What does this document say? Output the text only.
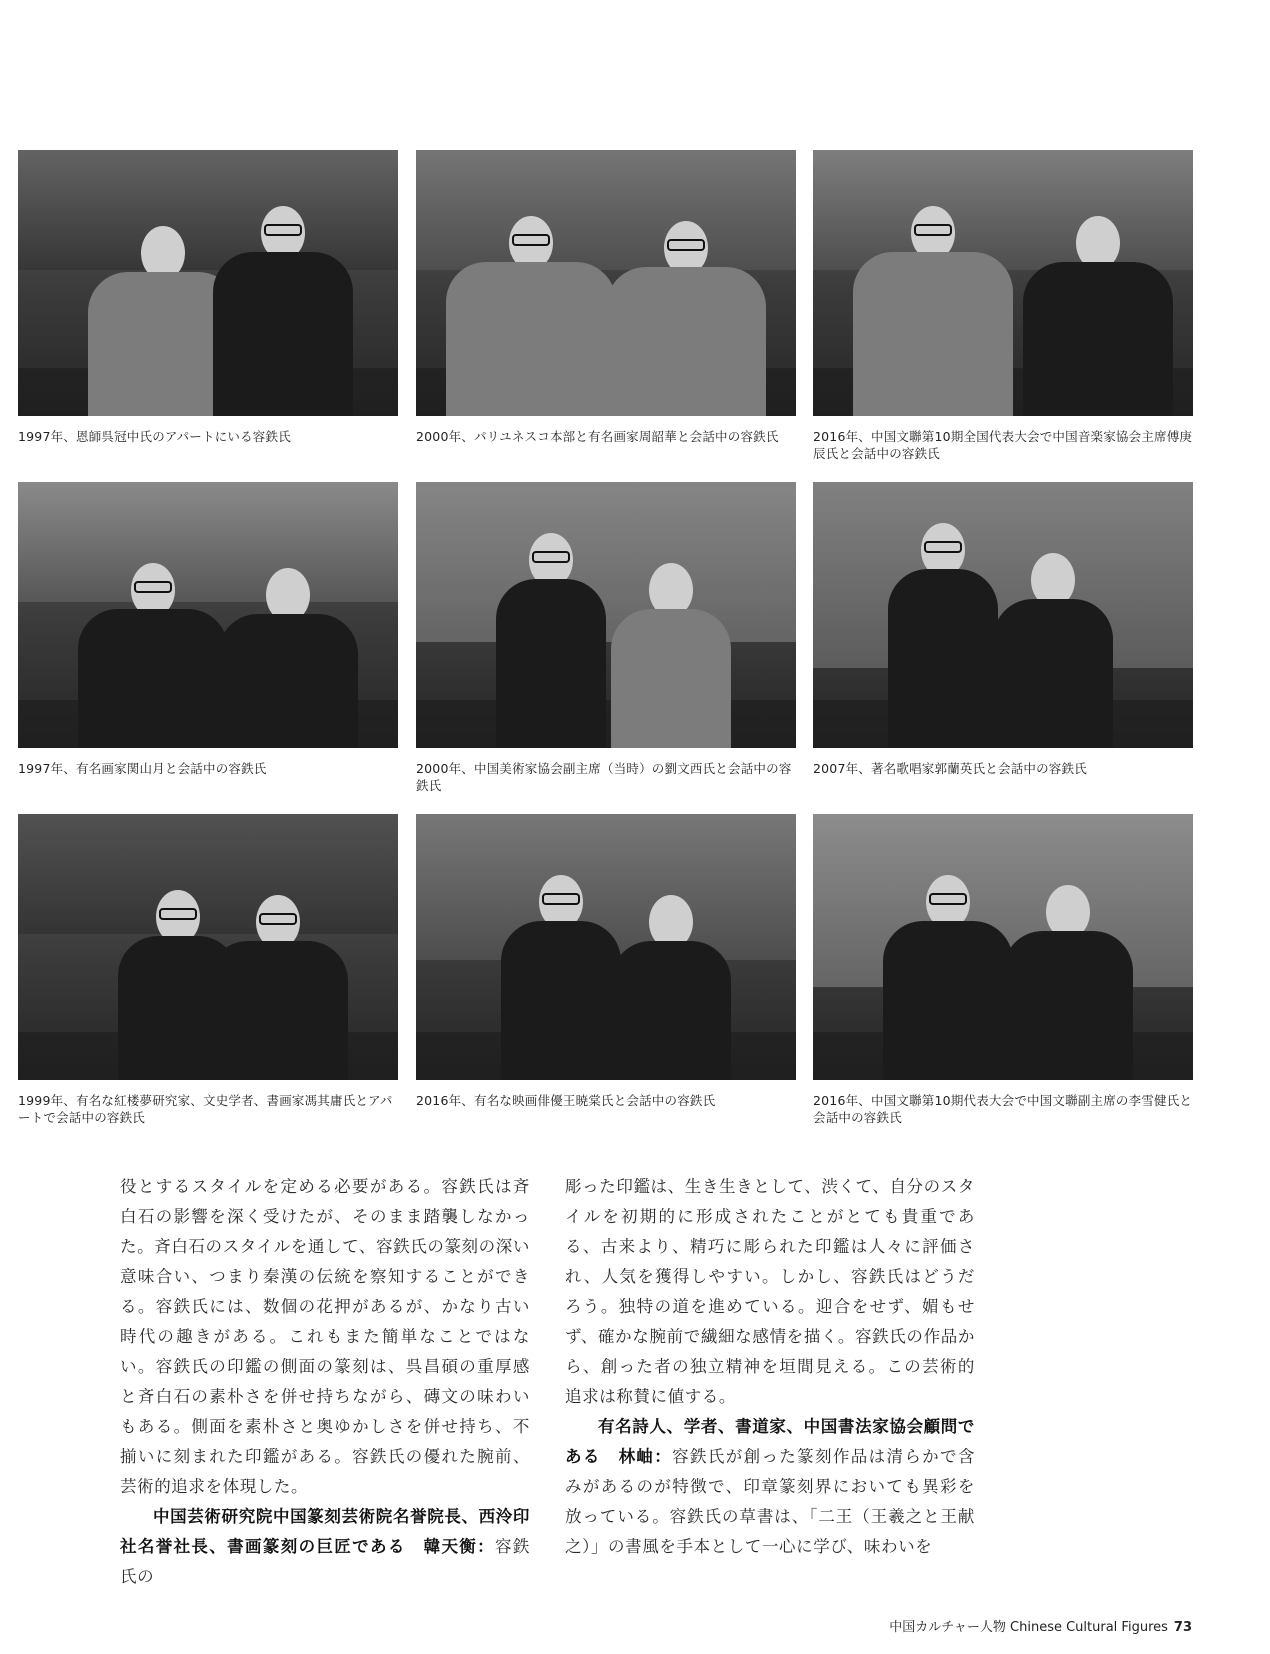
1997年、恩師呉冠中氏のアパートにいる容鉄氏	2000年、パリユネスコ本部と有名画家周韶華と会話中の容鉄氏	2016年、中国文聯第10期全国代表大会で中国音楽家協会主席傅庚辰氏と会話中の容鉄氏
1997年、有名画家関山月と会話中の容鉄氏	2000年、中国美術家協会副主席（当時）の劉文西氏と会話中の容鉄氏
2007年、著名歌唱家郭蘭英氏と会話中の容鉄氏
1999年、有名な紅楼夢研究家、文史学者、書画家馮其庸氏とアパートで会話中の容鉄氏
2016年、有名な映画俳優王暁棠氏と会話中の容鉄氏	2016年、中国文聯第10期代表大会で中国文聯副主席の李雪健氏と会話中の容鉄氏

役とするスタイルを定める必要がある。容鉄氏は斉白石の影響を深く受けたが、そのまま踏襲しなかった。斉白石のスタイルを通して、容鉄氏の篆刻の深い意味合い、つまり秦漢の伝統を察知することができる。容鉄氏には、数個の花押があるが、かなり古い時代の趣きがある。これもまた簡単なことではない。容鉄氏の印鑑の側面の篆刻は、呉昌碩の重厚感と斉白石の素朴さを併せ持ちながら、磚文の味わいもある。側面を素朴さと奥ゆかしさを併せ持ち、不揃いに刻まれた印鑑がある。容鉄氏の優れた腕前、芸術的追求を体現した。

中国芸術研究院中国篆刻芸術院名誉院長、西泠印社名誉社長、書画篆刻の巨匠である　韓天衡：容鉄氏の

彫った印鑑は、生き生きとして、渋くて、自分のスタイルを初期的に形成されたことがとても貴重である、古来より、精巧に彫られた印鑑は人々に評価され、人気を獲得しやすい。しかし、容鉄氏はどうだろう。独特の道を進めている。迎合をせず、媚もせず、確かな腕前で繊細な感情を描く。容鉄氏の作品から、創った者の独立精神を垣間見える。この芸術的追求は称賛に値する。

有名詩人、学者、書道家、中国書法家協会顧問である　林岫：容鉄氏が創った篆刻作品は清らかで含みがあるのが特徴で、印章篆刻界においても異彩を放っている。容鉄氏の草書は、「二王（王羲之と王献之）」の書風を手本として一心に学び、味わいを

中国カルチャー人物 Chinese Cultural Figures 73
